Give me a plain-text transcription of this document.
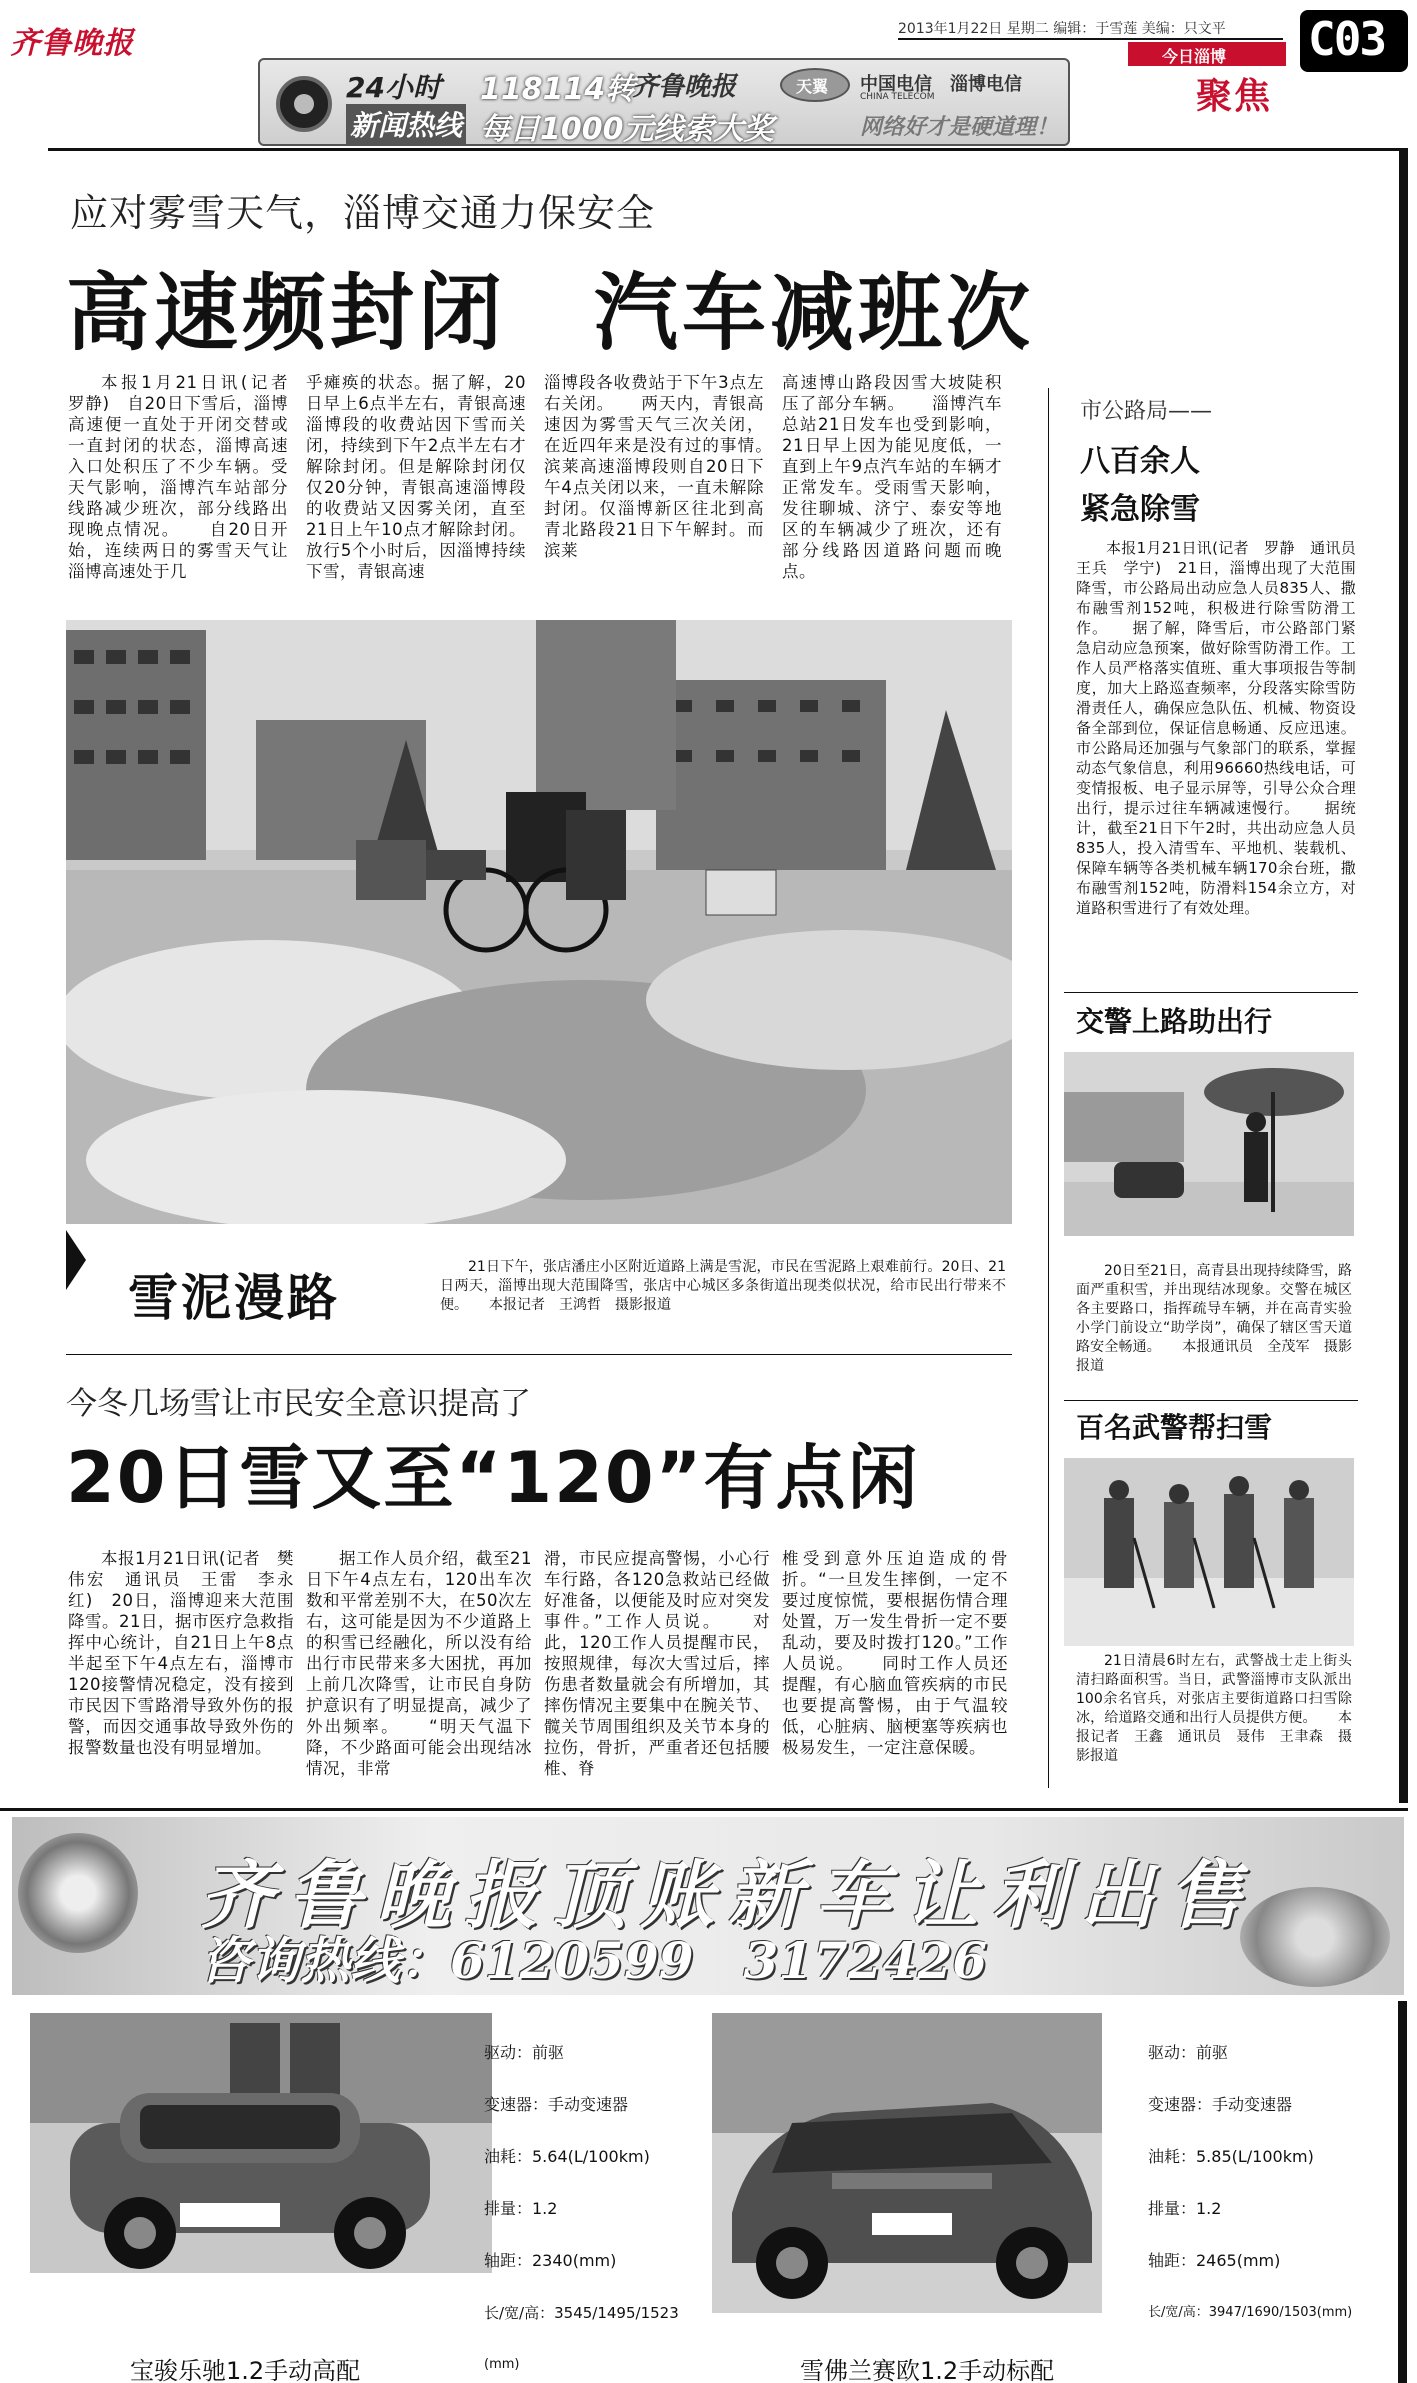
齐鲁晚报	2013年1月22日 星期二 编辑：于雪莲 美编：只文平
今日淄博
聚焦
C03
24小时
新闻热线
118114转
齐鲁晚报
每日1000元线索大奖
天翼 中国电信
CHINA TELECOM
淄博电信
网络好才是硬道理！
应对雾雪天气，淄博交通力保安全
高速频封闭　汽车减班次
本报1月21日讯(记者　罗静)　自20日下雪后，淄博高速便一直处于开闭交替或一直封闭的状态，淄博高速入口处积压了不少车辆。受天气影响，淄博汽车站部分线路减少班次，部分线路出现晚点情况。　　自20日开始，连续两日的雾雪天气让淄博高速处于几
乎瘫痪的状态。据了解，20日早上6点半左右，青银高速淄博段的收费站因下雪而关闭，持续到下午2点半左右才解除封闭。但是解除封闭仅仅20分钟，青银高速淄博段的收费站又因雾关闭，直至21日上午10点才解除封闭。放行5个小时后，因淄博持续下雪，青银高速
淄博段各收费站于下午3点左右关闭。　　两天内，青银高速因为雾雪天气三次关闭，在近四年来是没有过的事情。　　滨莱高速淄博段则自20日下午4点关闭以来，一直未解除封闭。仅淄博新区往北到高青北路段21日下午解封。而滨莱
高速博山路段因雪大坡陡积压了部分车辆。　　淄博汽车总站21日发车也受到影响，21日早上因为能见度低，一直到上午9点汽车站的车辆才正常发车。受雨雪天影响，发往聊城、济宁、泰安等地区的车辆减少了班次，还有部分线路因道路问题而晚点。
雪泥漫路
21日下午，张店潘庄小区附近道路上满是雪泥，市民在雪泥路上艰难前行。20日、21日两天，淄博出现大范围降雪，张店中心城区多条街道出现类似状况，给市民出行带来不便。　　本报记者　王鸿哲　摄影报道
今冬几场雪让市民安全意识提高了
20日雪又至“120”有点闲
本报1月21日讯(记者　樊伟宏　通讯员　王雷　李永红)　20日，淄博迎来大范围降雪。21日，据市医疗急救指挥中心统计，自21日上午8点半起至下午4点左右，淄博市120接警情况稳定，没有接到市民因下雪路滑导致外伤的报警，而因交通事故导致外伤的报警数量也没有明显增加。
据工作人员介绍，截至21日下午4点左右，120出车次数和平常差别不大，在50次左右，这可能是因为不少道路上的积雪已经融化，所以没有给出行市民带来多大困扰，再加上前几次降雪，让市民自身防护意识有了明显提高，减少了外出频率。　　“明天气温下降，不少路面可能会出现结冰情况，非常
滑，市民应提高警惕，小心行车行路，各120急救站已经做好准备，以便能及时应对突发事件。”工作人员说。　　对此，120工作人员提醒市民，按照规律，每次大雪过后，摔伤患者数量就会有所增加，其摔伤情况主要集中在腕关节、髋关节周围组织及关节本身的拉伤，骨折，严重者还包括腰椎、脊
椎受到意外压迫造成的骨折。“一旦发生摔倒，一定不要过度惊慌，要根据伤情合理处置，万一发生骨折一定不要乱动，要及时拨打120。”工作人员说。　　同时工作人员还提醒，有心脑血管疾病的市民也要提高警惕，由于气温较低，心脏病、脑梗塞等疾病也极易发生，一定注意保暖。
市公路局——
八百余人
紧急除雪
本报1月21日讯(记者　罗静　通讯员　王兵　学宁)　21日，淄博出现了大范围降雪，市公路局出动应急人员835人、撒布融雪剂152吨，积极进行除雪防滑工作。　　据了解，降雪后，市公路部门紧急启动应急预案，做好除雪防滑工作。工作人员严格落实值班、重大事项报告等制度，加大上路巡查频率，分段落实除雪防滑责任人，确保应急队伍、机械、物资设备全部到位，保证信息畅通、反应迅速。市公路局还加强与气象部门的联系，掌握动态气象信息，利用96660热线电话，可变情报板、电子显示屏等，引导公众合理出行，提示过往车辆减速慢行。　　据统计，截至21日下午2时，共出动应急人员835人，投入清雪车、平地机、装载机、保障车辆等各类机械车辆170余台班，撒布融雪剂152吨，防滑料154余立方，对道路积雪进行了有效处理。
交警上路助出行
20日至21日，高青县出现持续降雪，路面严重积雪，并出现结冰现象。交警在城区各主要路口，指挥疏导车辆，并在高青实验小学门前设立“助学岗”，确保了辖区雪天道路安全畅通。　　本报通讯员　全茂军　摄影报道
百名武警帮扫雪
21日清晨6时左右，武警战士走上街头清扫路面积雪。当日，武警淄博市支队派出100余名官兵，对张店主要街道路口扫雪除冰，给道路交通和出行人员提供方便。　　本报记者　王鑫　通讯员　聂伟　王聿森　摄影报道
齐鲁晚报顶账新车让利出售
咨询热线：6120599　3172426
宝骏乐驰1.2手动高配
驱动：前驱
变速器：手动变速器
油耗：5.64(L/100km)
排量：1.2
轴距：2340(mm)
长/宽/高：3545/1495/1523
(mm)	雪佛兰赛欧1.2手动标配
驱动：前驱
变速器：手动变速器
油耗：5.85(L/100km)
排量：1.2
轴距：2465(mm)
长/宽/高：3947/1690/1503(mm)
